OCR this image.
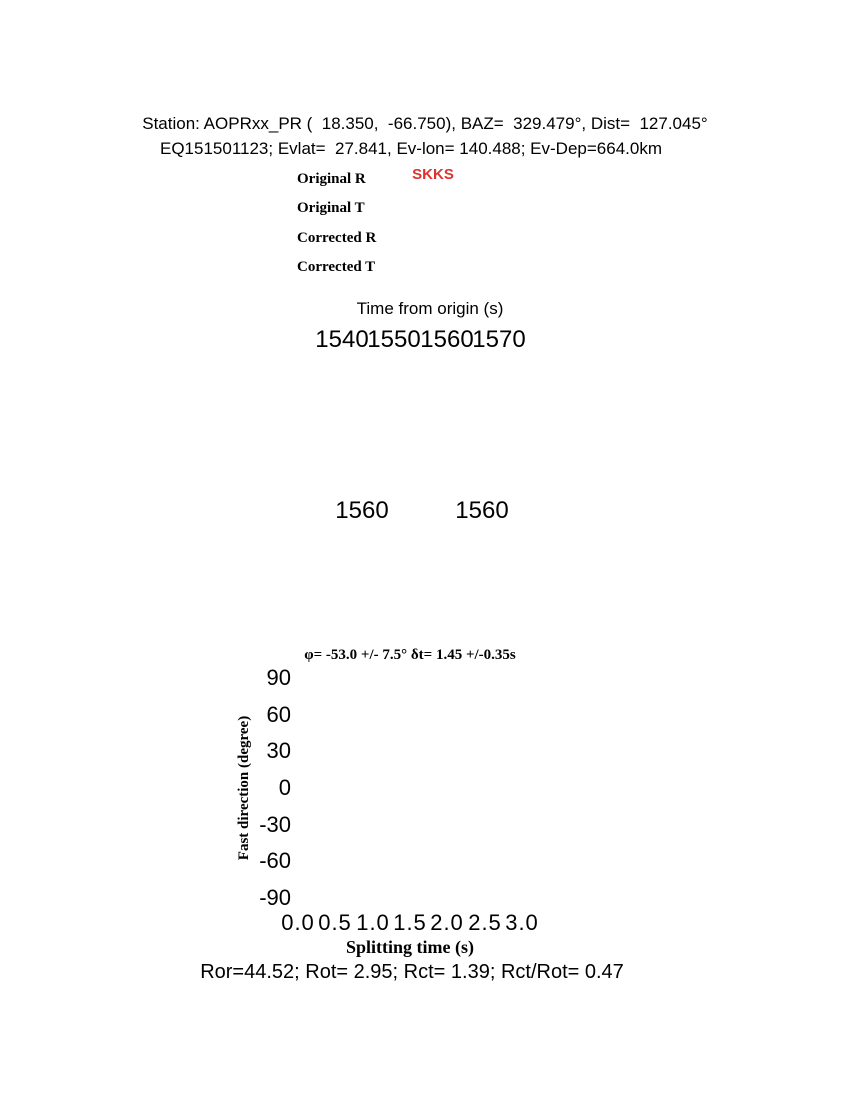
Station: AOPRxx_PR (  18.350,  -66.750), BAZ=  329.479°, Dist=  127.045°
EQ151501123; Evlat=  27.841, Ev-lon= 140.488; Ev-Dep=664.0km
SKKS
Original R
Original T
Corrected R
Corrected T
Time from origin (s)
1540
1550 1560
1570
1560	1560
φ= -53.0 +/- 7.5° δt= 1.45 +/-0.35s
Fast direction (degree)
90
60
30
0
-30
-60
-90
0.0 0.5 1.0 1.5 2.0 2.5 3.0
Splitting time (s)
Ror=44.52; Rot= 2.95; Rct= 1.39; Rct/Rot= 0.47
